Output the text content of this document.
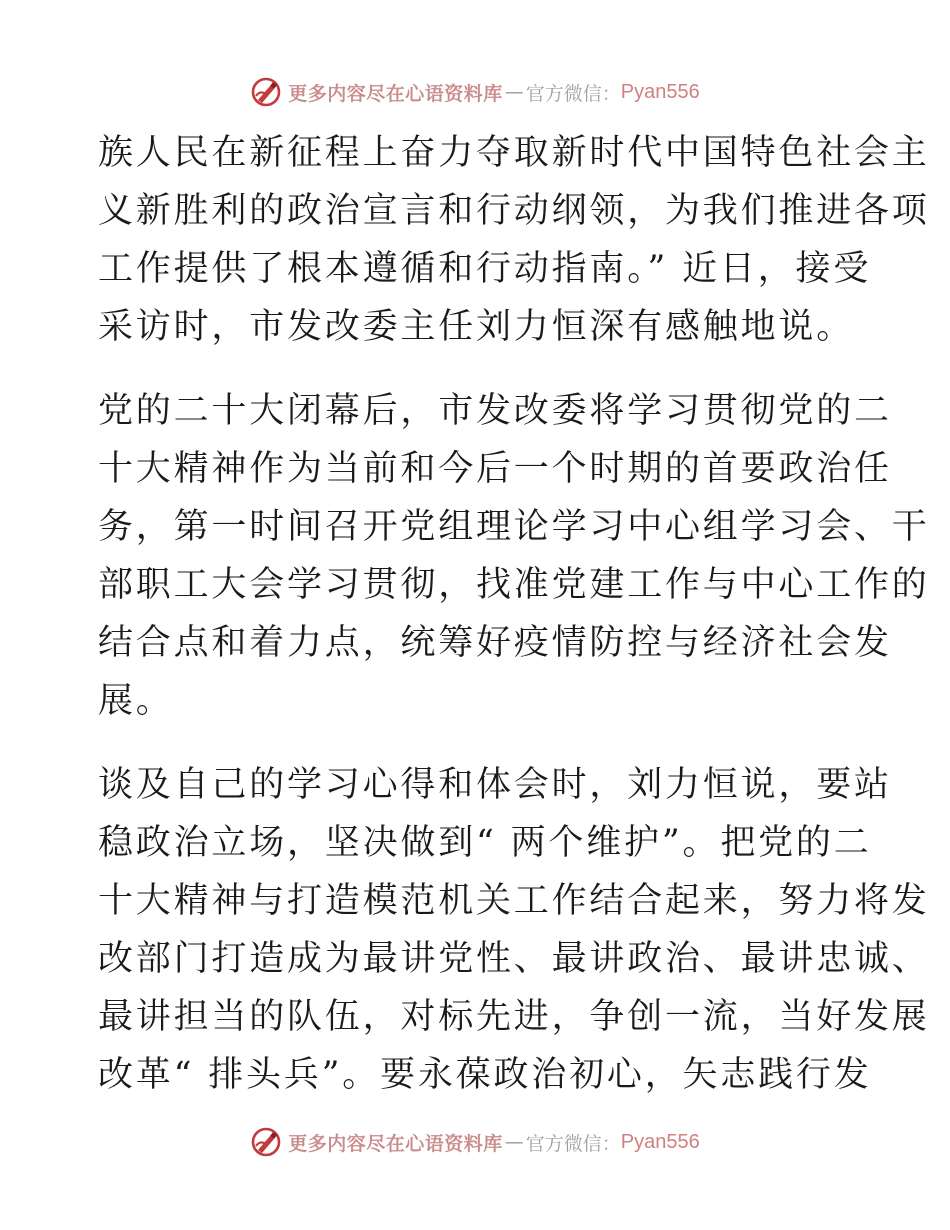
更多内容尽在心语资料库 — 官方微信： Pyan556
族人民在新征程上奋力夺取新时代中国特色社会主
义新胜利的政治宣言和行动纲领，为我们推进各项
工作提供了根本遵循和行动指南。” 近日，接受
采访时，市发改委主任刘力恒深有感触地说。
党的二十大闭幕后，市发改委将学习贯彻党的二
十大精神作为当前和今后一个时期的首要政治任
务，第一时间召开党组理论学习中心组学习会、干
部职工大会学习贯彻，找准党建工作与中心工作的
结合点和着力点，统筹好疫情防控与经济社会发
展。
谈及自己的学习心得和体会时，刘力恒说，要站
稳政治立场，坚决做到“ 两个维护”。把党的二
十大精神与打造模范机关工作结合起来，努力将发
改部门打造成为最讲党性、最讲政治、最讲忠诚、
最讲担当的队伍，对标先进，争创一流，当好发展
改革“ 排头兵”。要永葆政治初心，矢志践行发
更多内容尽在心语资料库 — 官方微信： Pyan556
